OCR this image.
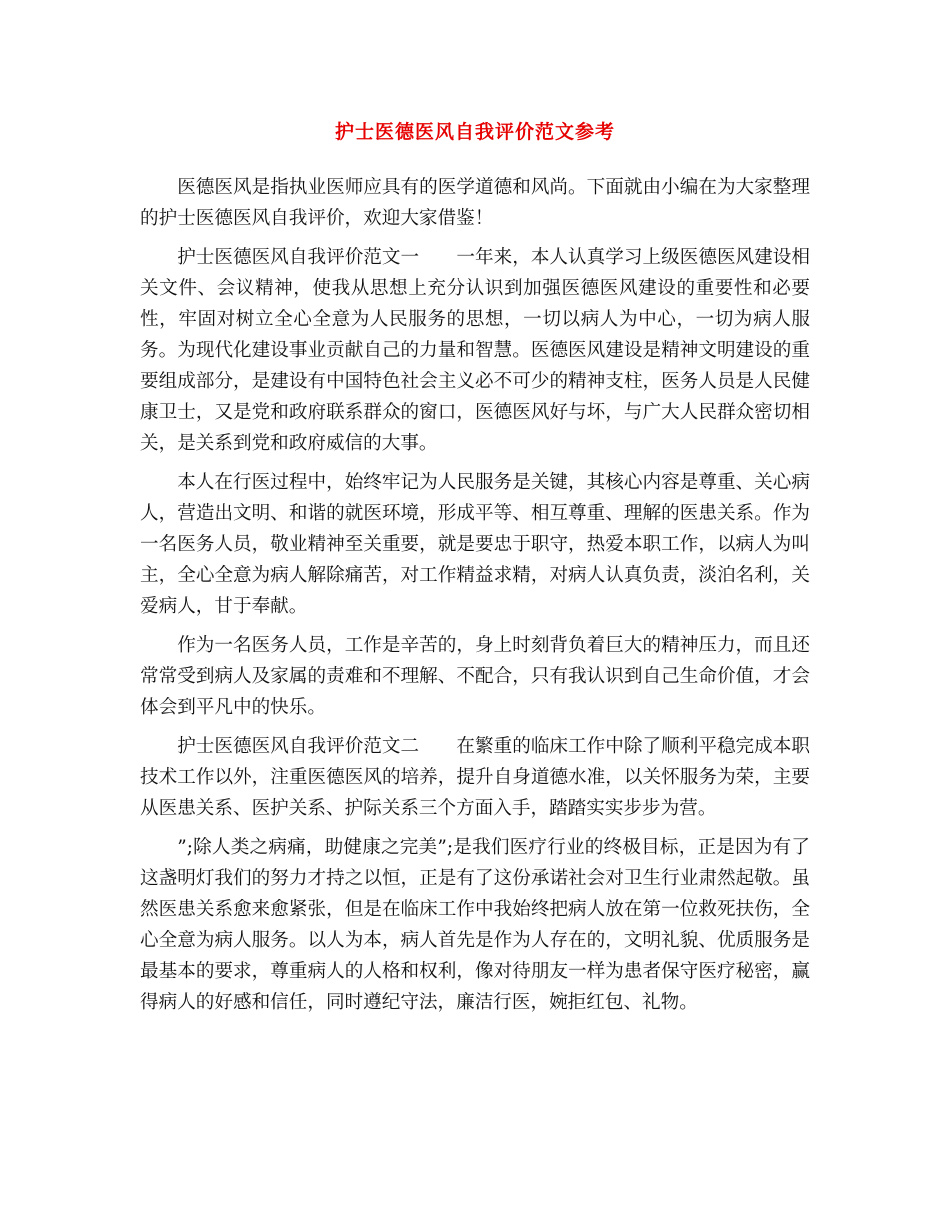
护士医德医风自我评价范文参考

医德医风是指执业医师应具有的医学道德和风尚。下面就由小编在为大家整理的护士医德医风自我评价，欢迎大家借鉴！

护士医德医风自我评价范文一　　一年来，本人认真学习上级医德医风建设相关文件、会议精神，使我从思想上充分认识到加强医德医风建设的重要性和必要性，牢固对树立全心全意为人民服务的思想，一切以病人为中心，一切为病人服务。为现代化建设事业贡献自己的力量和智慧。医德医风建设是精神文明建设的重要组成部分，是建设有中国特色社会主义必不可少的精神支柱，医务人员是人民健康卫士，又是党和政府联系群众的窗口，医德医风好与坏，与广大人民群众密切相关，是关系到党和政府威信的大事。

本人在行医过程中，始终牢记为人民服务是关键，其核心内容是尊重、关心病人，营造出文明、和谐的就医环境，形成平等、相互尊重、理解的医患关系。作为一名医务人员，敬业精神至关重要，就是要忠于职守，热爱本职工作，以病人为叫主，全心全意为病人解除痛苦，对工作精益求精，对病人认真负责，淡泊名利，关爱病人，甘于奉献。

作为一名医务人员，工作是辛苦的，身上时刻背负着巨大的精神压力，而且还常常受到病人及家属的责难和不理解、不配合，只有我认识到自己生命价值，才会体会到平凡中的快乐。

护士医德医风自我评价范文二　　在繁重的临床工作中除了顺利平稳完成本职技术工作以外，注重医德医风的培养，提升自身道德水准，以关怀服务为荣，主要从医患关系、医护关系、护际关系三个方面入手，踏踏实实步步为营。

”;除人类之病痛，助健康之完美”;是我们医疗行业的终极目标，正是因为有了这盏明灯我们的努力才持之以恒，正是有了这份承诺社会对卫生行业肃然起敬。虽然医患关系愈来愈紧张，但是在临床工作中我始终把病人放在第一位救死扶伤，全心全意为病人服务。以人为本，病人首先是作为人存在的，文明礼貌、优质服务是最基本的要求，尊重病人的人格和权利，像对待朋友一样为患者保守医疗秘密，赢得病人的好感和信任，同时遵纪守法，廉洁行医，婉拒红包、礼物。
